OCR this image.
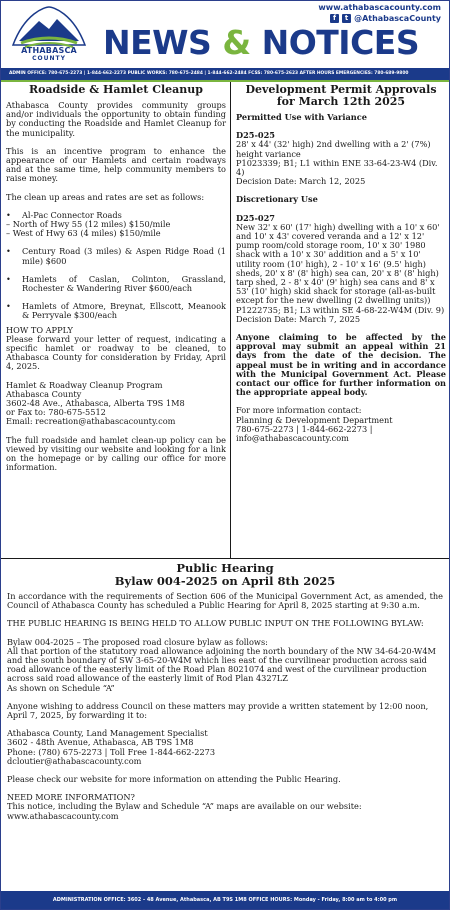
ATHABASCA
COUNTY
www.athabascacounty.com
f	t @AthabascaCounty
NEWS & NOTICES
ADMIN OFFICE: 780-675-2273 | 1-844-662-2273 PUBLIC WORKS: 780-675-2484 | 1-844-662-2484 FCSS: 780-675-2623 AFTER HOURS EMERGENCIES: 780-689-9800
Roadside & Hamlet Cleanup

Athabasca County provides community groups and/or individuals the opportunity to obtain funding by conducting the Roadside and Hamlet Cleanup for the municipality.

This is an incentive program to enhance the appearance of our Hamlets and certain roadways and at the same time, help community members to raise money.

The clean up areas and rates are set as follows:

•	Al-Pac Connector Roads

– North of Hwy 55 (12 miles) $150/mile

– West of Hwy 63 (4 miles) $150/mile

•	Century Road (3 miles) & Aspen Ridge Road (1 mile) $600
•	Hamlets of Caslan, Colinton, Grassland, Rochester & Wandering River $600/each
•	Hamlets of Atmore, Breynat, Ellscott, Meanook & Perryvale $300/each

HOW TO APPLY

Please forward your letter of request, indicating a specific hamlet or roadway to be cleaned, to Athabasca County for consideration by Friday, April 4, 2025.

Hamlet & Roadway Cleanup Program

Athabasca County

3602-48 Ave., Athabasca, Alberta T9S 1M8

or Fax to: 780-675-5512

Email: recreation@athabascacounty.com

The full roadside and hamlet clean-up policy can be viewed by visiting our website and looking for a link on the homepage or by calling our office for more information.

Development Permit Approvals for March 12th 2025

Permitted Use with Variance

D25-025

28' x 44' (32' high) 2nd dwelling with a 2' (7%) height variance

P1023339; B1; L1 within ENE 33-64-23-W4 (Div. 4)

Decision Date: March 12, 2025

Discretionary Use

D25-027

New 32' x 60' (17' high) dwelling with a 10' x 60' and 10' x 43' covered veranda and a 12' x 12' pump room/cold storage room, 10' x 30' 1980 shack with a 10' x 30' addition and a 5' x 10' utility room (10' high), 2 - 10' x 16' (9.5' high) sheds, 20' x 8' (8' high) sea can, 20' x 8' (8' high) tarp shed, 2 - 8' x 40' (9' high) sea cans and 8' x 53' (10' high) skid shack for storage (all-as-built except for the new dwelling (2 dwelling units))

P1222735; B1; L3 within SE 4-68-22-W4M (Div. 9)

Decision Date: March 7, 2025

Anyone claiming to be affected by the approval may submit an appeal within 21 days from the date of the decision. The appeal must be in writing and in accordance with the Municipal Government Act. Please contact our office for further information on the appropriate appeal body.

For more information contact:

Planning & Development Department

780-675-2273 | 1-844-662-2273 |

info@athabascacounty.com

Public Hearing
Bylaw 004-2025 on April 8th 2025

In accordance with the requirements of Section 606 of the Municipal Government Act, as amended, the Council of Athabasca County has scheduled a Public Hearing for April 8, 2025 starting at 9:30 a.m.

THE PUBLIC HEARING IS BEING HELD TO ALLOW PUBLIC INPUT ON THE FOLLOWING BYLAW:

Bylaw 004-2025 – The proposed road closure bylaw as follows:

All that portion of the statutory road allowance adjoining the north boundary of the NW 34-64-20-W4M and the south boundary of SW 3-65-20-W4M which lies east of the curvilinear production across said road allowance of the easterly limit of the Road Plan 8021074 and west of the curvilinear production across said road allowance of the easterly limit of Rod Plan 4327LZ

As shown on Schedule “A”

Anyone wishing to address Council on these matters may provide a written statement by 12:00 noon, April 7, 2025, by forwarding it to:

Athabasca County, Land Management Specialist

3602 - 48th Avenue, Athabasca, AB T9S 1M8

Phone: (780) 675-2273 | Toll Free 1-844-662-2273

dcloutier@athabascacounty.com

Please check our website for more information on attending the Public Hearing.

NEED MORE INFORMATION?

This notice, including the Bylaw and Schedule “A” maps are available on our website:

www.athabascacounty.com

ADMINISTRATION OFFICE: 3602 - 48 Avenue, Athabasca, AB T9S 1M8 OFFICE HOURS: Monday - Friday, 8:00 am to 4:00 pm
